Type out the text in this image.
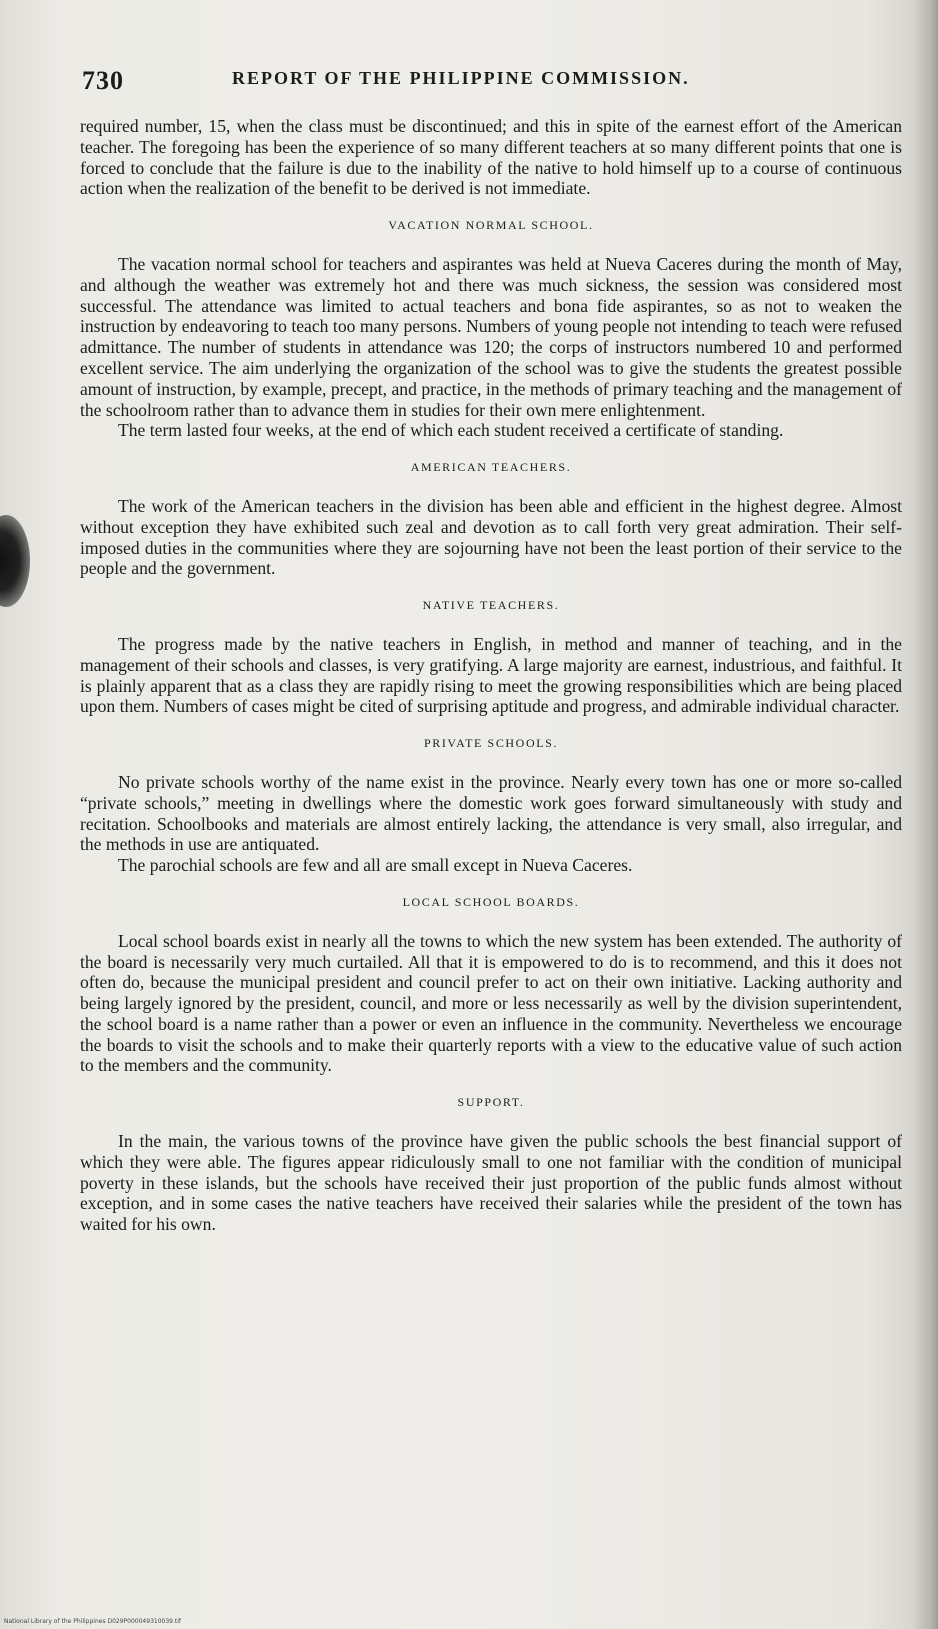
730	REPORT OF THE PHILIPPINE COMMISSION.

required number, 15, when the class must be discontinued; and this in spite of the earnest effort of the American teacher. The foregoing has been the experience of so many different teachers at so many different points that one is forced to conclude that the failure is due to the inability of the native to hold himself up to a course of continuous action when the realization of the benefit to be derived is not immediate.

VACATION NORMAL SCHOOL.

The vacation normal school for teachers and aspirantes was held at Nueva Caceres during the month of May, and although the weather was extremely hot and there was much sickness, the session was considered most successful. The attendance was limited to actual teachers and bona fide aspirantes, so as not to weaken the instruction by endeavoring to teach too many persons. Numbers of young people not intending to teach were refused admittance. The number of students in attendance was 120; the corps of instructors numbered 10 and performed excellent service. The aim underlying the organization of the school was to give the students the greatest possible amount of instruction, by example, precept, and practice, in the methods of primary teaching and the management of the schoolroom rather than to advance them in studies for their own mere enlightenment.

The term lasted four weeks, at the end of which each student received a certificate of standing.

AMERICAN TEACHERS.

The work of the American teachers in the division has been able and efficient in the highest degree. Almost without exception they have exhibited such zeal and devotion as to call forth very great admiration. Their self-imposed duties in the communities where they are sojourning have not been the least portion of their service to the people and the government.

NATIVE TEACHERS.

The progress made by the native teachers in English, in method and manner of teaching, and in the management of their schools and classes, is very gratifying. A large majority are earnest, industrious, and faithful. It is plainly apparent that as a class they are rapidly rising to meet the growing responsibilities which are being placed upon them. Numbers of cases might be cited of surprising aptitude and progress, and admirable individual character.

PRIVATE SCHOOLS.

No private schools worthy of the name exist in the province. Nearly every town has one or more so-called “private schools,” meeting in dwellings where the domestic work goes forward simultaneously with study and recitation. Schoolbooks and materials are almost entirely lacking, the attendance is very small, also irregular, and the methods in use are antiquated.

The parochial schools are few and all are small except in Nueva Caceres.

LOCAL SCHOOL BOARDS.

Local school boards exist in nearly all the towns to which the new system has been extended. The authority of the board is necessarily very much curtailed. All that it is empowered to do is to recommend, and this it does not often do, because the municipal president and council prefer to act on their own initiative. Lacking authority and being largely ignored by the president, council, and more or less necessarily as well by the division superintendent, the school board is a name rather than a power or even an influence in the community. Nevertheless we encourage the boards to visit the schools and to make their quarterly reports with a view to the educative value of such action to the members and the community.

SUPPORT.

In the main, the various towns of the province have given the public schools the best financial support of which they were able. The figures appear ridiculously small to one not familiar with the condition of municipal poverty in these islands, but the schools have received their just proportion of the public funds almost without exception, and in some cases the native teachers have received their salaries while the president of the town has waited for his own.

National Library of the Philippines D029P000049310039.tif
